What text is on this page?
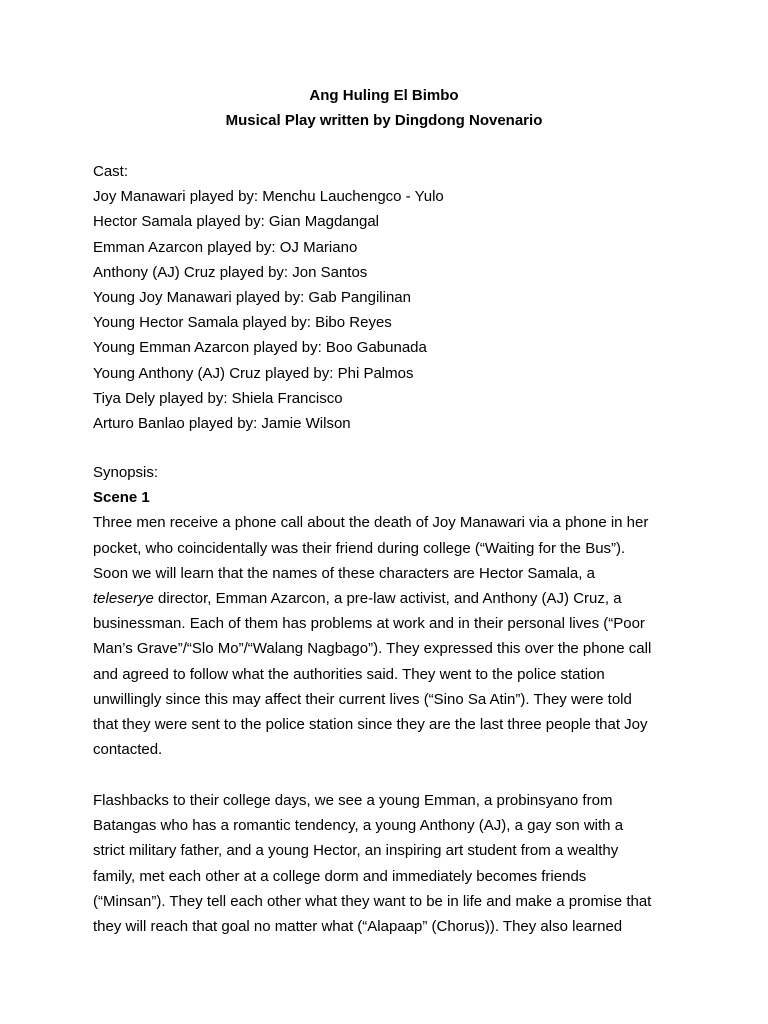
Ang Huling El Bimbo
Musical Play written by Dingdong Novenario
Cast:
Joy Manawari played by: Menchu Lauchengco - Yulo
Hector Samala played by: Gian Magdangal
Emman Azarcon played by: OJ Mariano
Anthony (AJ) Cruz played by: Jon Santos
Young Joy Manawari played by: Gab Pangilinan
Young Hector Samala played by: Bibo Reyes
Young Emman Azarcon played by: Boo Gabunada
Young Anthony (AJ) Cruz played by: Phi Palmos
Tiya Dely played by: Shiela Francisco
Arturo Banlao played by: Jamie Wilson
Synopsis:
Scene 1
Three men receive a phone call about the death of Joy Manawari via a phone in her
pocket, who coincidentally was their friend during college (“Waiting for the Bus”).
Soon we will learn that the names of these characters are Hector Samala, a
teleserye director, Emman Azarcon, a pre-law activist, and Anthony (AJ) Cruz, a
businessman. Each of them has problems at work and in their personal lives (“Poor
Man’s Grave”/“Slo Mo”/“Walang Nagbago”). They expressed this over the phone call
and agreed to follow what the authorities said. They went to the police station
unwillingly since this may affect their current lives (“Sino Sa Atin”). They were told
that they were sent to the police station since they are the last three people that Joy
contacted.
Flashbacks to their college days, we see a young Emman, a probinsyano from
Batangas who has a romantic tendency, a young Anthony (AJ), a gay son with a
strict military father, and a young Hector, an inspiring art student from a wealthy
family, met each other at a college dorm and immediately becomes friends
(“Minsan”). They tell each other what they want to be in life and make a promise that
they will reach that goal no matter what (“Alapaap” (Chorus)). They also learned
